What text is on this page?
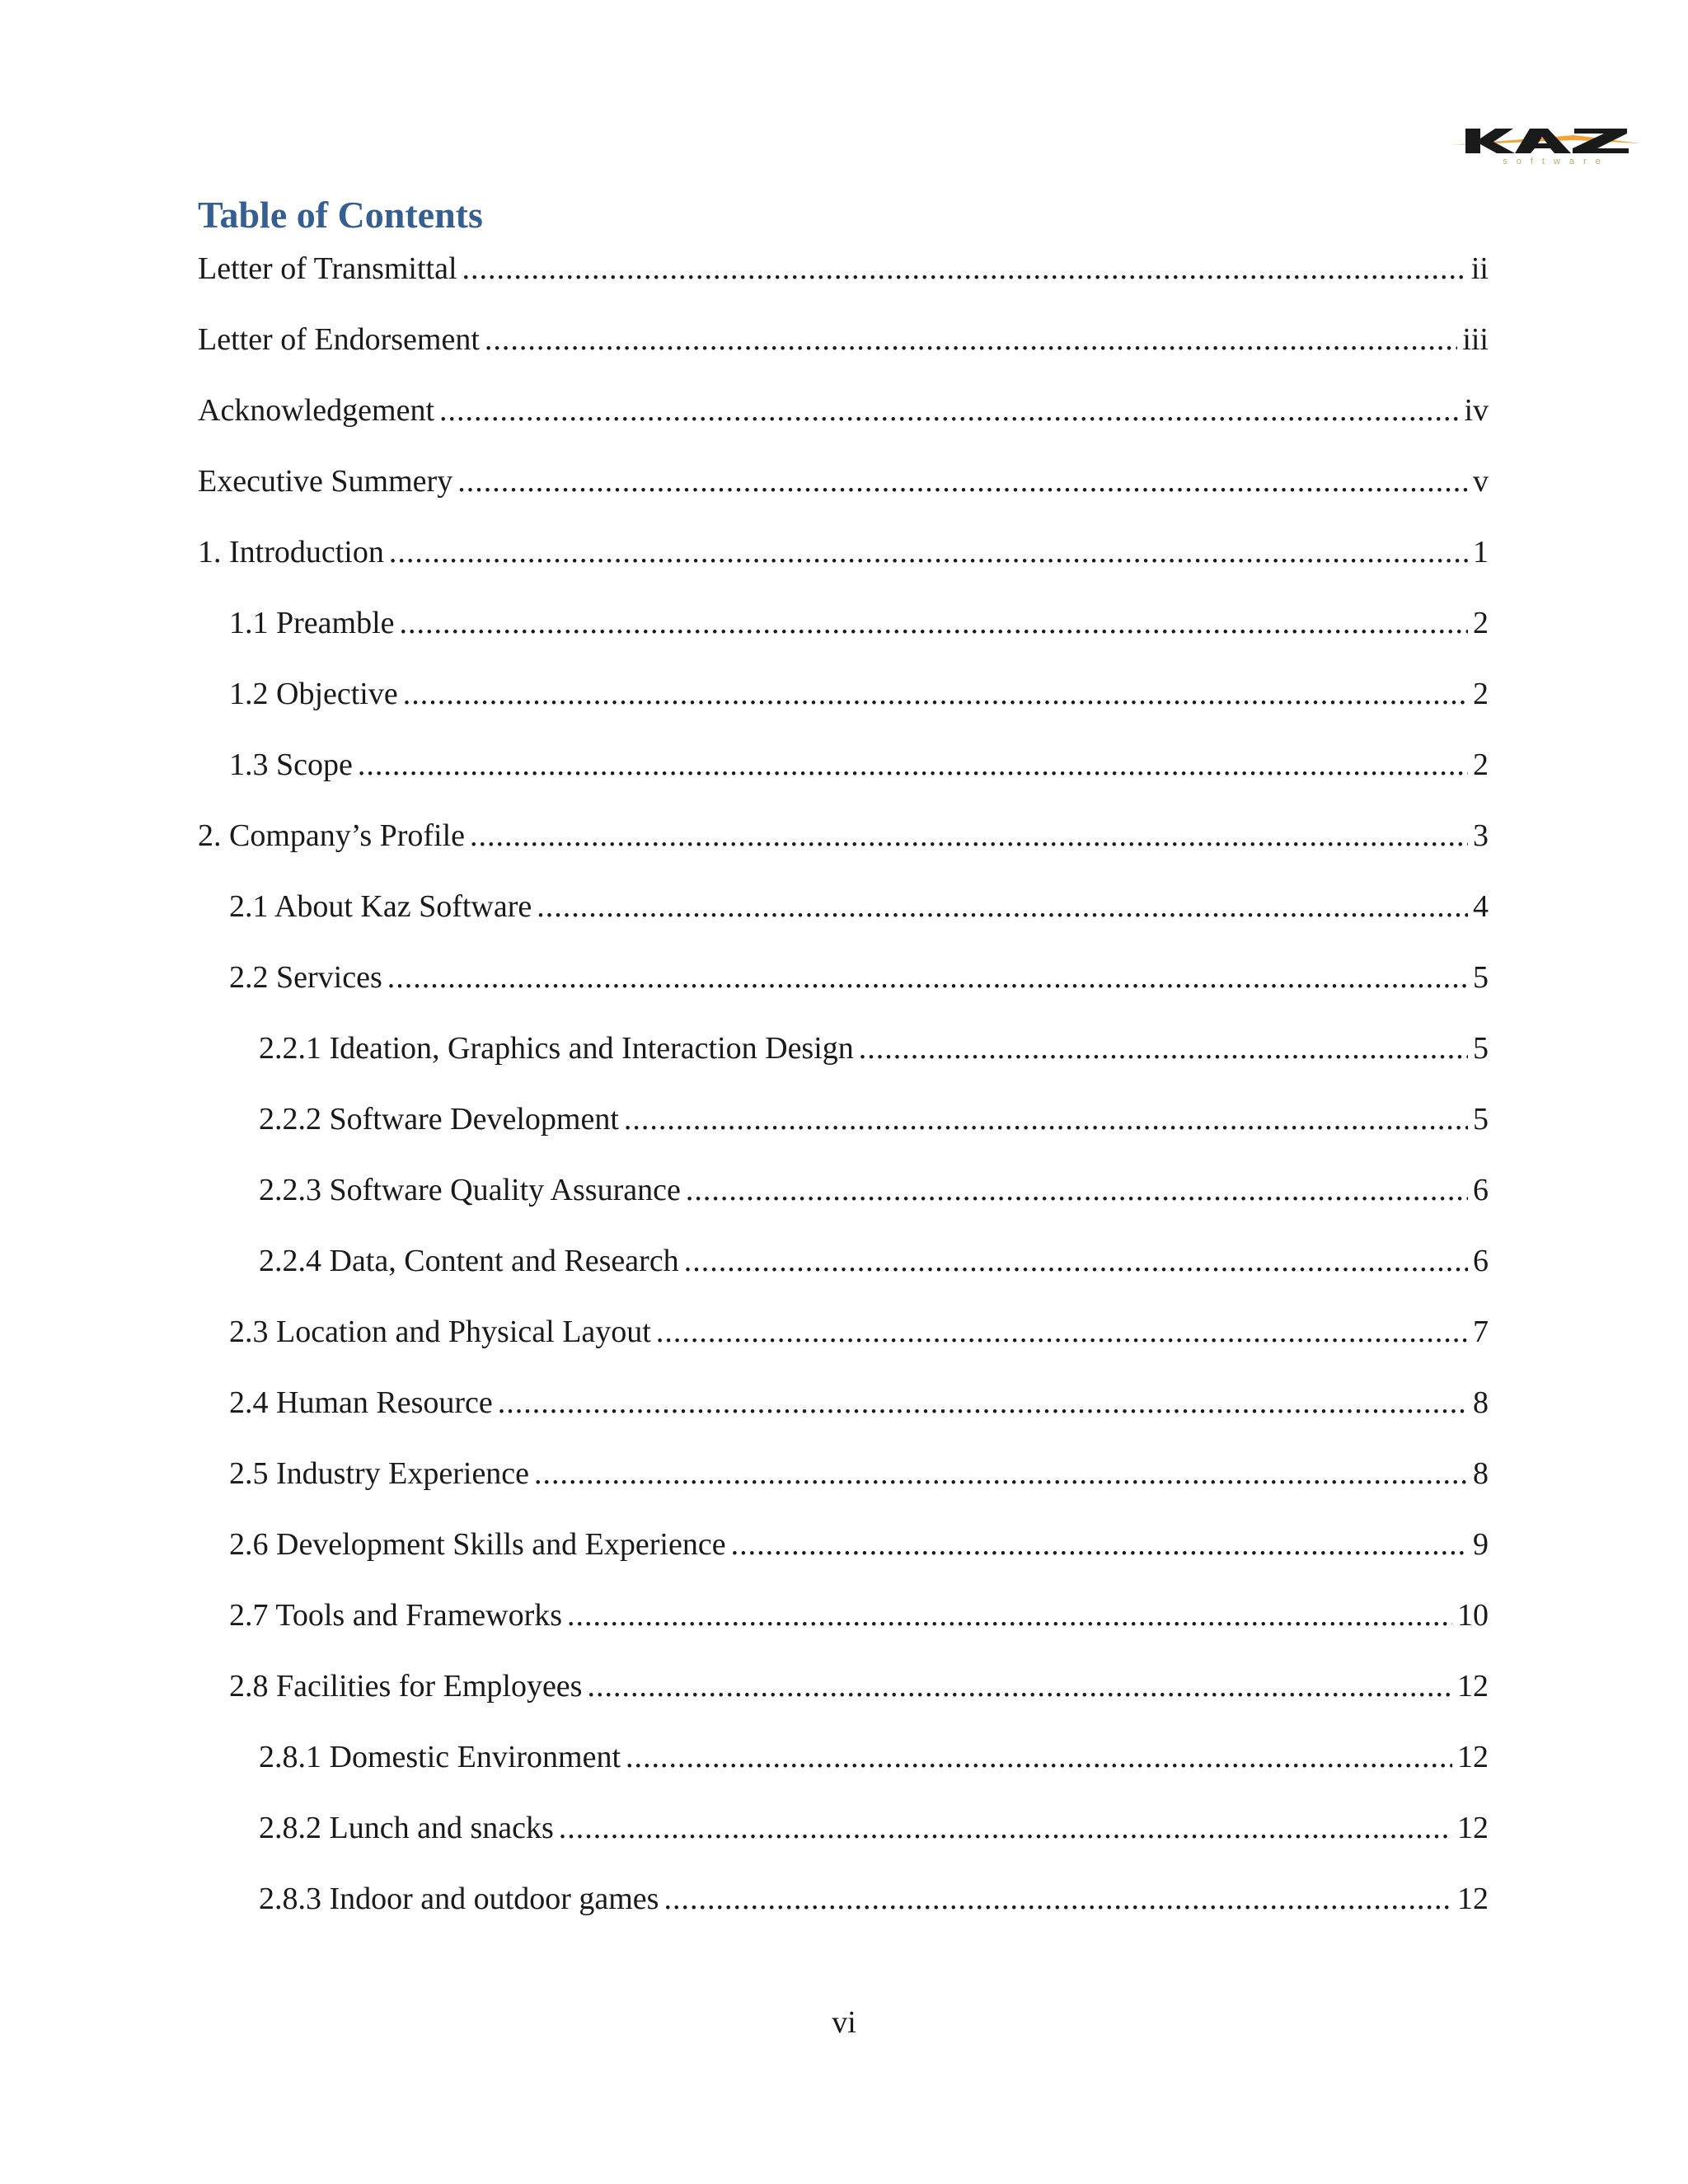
software
Table of Contents
Letter of Transmittal .....	ii
Letter of Endorsement .....	iii
Acknowledgement .....	iv
Executive Summery .....	v
1. Introduction .....	1
1.1 Preamble .....	2
1.2 Objective .....	2
1.3 Scope .....	2
2. Company’s Profile .....	3
2.1 About Kaz Software .....	4
2.2 Services .....	5
2.2.1 Ideation, Graphics and Interaction Design .....	5
2.2.2 Software Development .....	5
2.2.3 Software Quality Assurance .....	6
2.2.4 Data, Content and Research .....	6
2.3 Location and Physical Layout .....	7
2.4 Human Resource .....	8
2.5 Industry Experience .....	8
2.6 Development Skills and Experience .....	9
2.7 Tools and Frameworks .....	10
2.8 Facilities for Employees .....	12
2.8.1 Domestic Environment .....	12
2.8.2 Lunch and snacks .....	12
2.8.3 Indoor and outdoor games .....	12
vi
